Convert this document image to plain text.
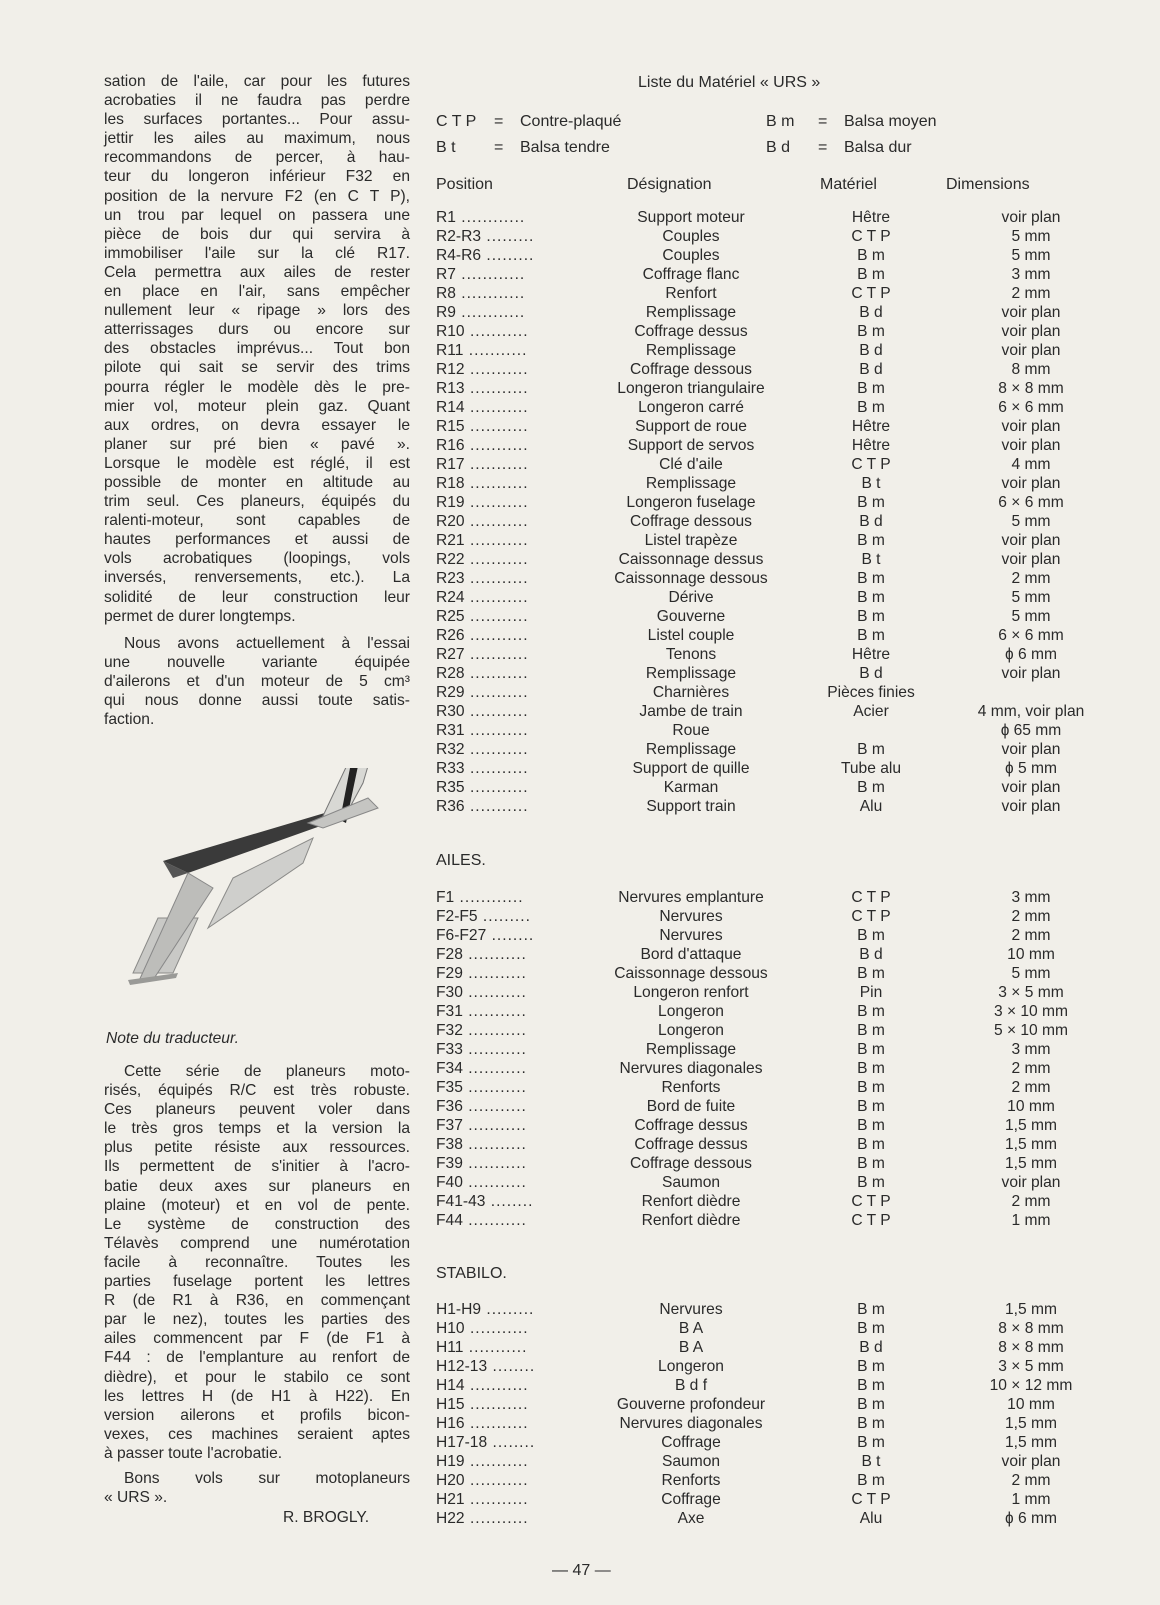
sation de l'aile, car pour les futures
acrobaties il ne faudra pas perdre
les surfaces portantes... Pour assu-
jettir les ailes au maximum, nous
recommandons de percer, à hau-
teur du longeron inférieur F32 en
position de la nervure F2 (en C T P),
un trou par lequel on passera une
pièce de bois dur qui servira à
immobiliser l'aile sur la clé R17.
Cela permettra aux ailes de rester
en place en l'air, sans empêcher
nullement leur « ripage » lors des
atterrissages durs ou encore sur
des obstacles imprévus... Tout bon
pilote qui sait se servir des trims
pourra régler le modèle dès le pre-
mier vol, moteur plein gaz. Quant
aux ordres, on devra essayer le
planer sur pré bien « pavé ».
Lorsque le modèle est réglé, il est
possible de monter en altitude au
trim seul. Ces planeurs, équipés du
ralenti-moteur, sont capables de
hautes performances et aussi de
vols acrobatiques (loopings, vols
inversés, renversements, etc.). La
solidité de leur construction leur
permet de durer longtemps.
Nous avons actuellement à l'essai
une nouvelle variante équipée
d'ailerons et d'un moteur de 5 cm³
qui nous donne aussi toute satis-
faction.
Note du traducteur.
Cette série de planeurs moto-
risés, équipés R/C est très robuste.
Ces planeurs peuvent voler dans
le très gros temps et la version la
plus petite résiste aux ressources.
Ils permettent de s'initier à l'acro-
batie deux axes sur planeurs en
plaine (moteur) et en vol de pente.
Le système de construction des
Télavès comprend une numérotation
facile à reconnaître. Toutes les
parties fuselage portent les lettres
R (de R1 à R36, en commençant
par le nez), toutes les parties des
ailes commencent par F (de F1 à
F44 : de l'emplanture au renfort de
dièdre), et pour le stabilo ce sont
les lettres H (de H1 à H22). En
version ailerons et profils bicon-
vexes, ces machines seraient aptes
à passer toute l'acrobatie.
Bons vols sur motoplaneurs
« URS ».
R. BROGLY.
Liste du Matériel « URS »
C T P = Contre-plaqué	B m = Balsa moyen
B t = Balsa tendre	B d = Balsa dur
Position	Désignation	Matériel	Dimensions
R1 ............	Support moteur	Hêtre	voir plan
R2-R3 .........	Couples	C T P	5 mm
R4-R6 .........	Couples	B m	5 mm
R7 ............	Coffrage flanc	B m	3 mm
R8 ............	Renfort	C T P	2 mm
R9 ............	Remplissage	B d	voir plan
R10 ...........	Coffrage dessus	B m	voir plan
R11 ...........	Remplissage	B d	voir plan
R12 ...........	Coffrage dessous	B d	8 mm
R13 ...........	Longeron triangulaire	B m	8 × 8 mm
R14 ...........	Longeron carré	B m	6 × 6 mm
R15 ...........	Support de roue	Hêtre	voir plan
R16 ...........	Support de servos	Hêtre	voir plan
R17 ...........	Clé d'aile	C T P	4 mm
R18 ...........	Remplissage	B t	voir plan
R19 ...........	Longeron fuselage	B m	6 × 6 mm
R20 ...........	Coffrage dessous	B d	5 mm
R21 ...........	Listel trapèze	B m	voir plan
R22 ...........	Caissonnage dessus	B t	voir plan
R23 ...........	Caissonnage dessous	B m	2 mm
R24 ...........	Dérive	B m	5 mm
R25 ...........	Gouverne	B m	5 mm
R26 ...........	Listel couple	B m	6 × 6 mm
R27 ...........	Tenons	Hêtre	ɸ 6 mm
R28 ...........	Remplissage	B d	voir plan
R29 ...........	Charnières	Pièces finies	
R30 ...........	Jambe de train	Acier	4 mm, voir plan
R31 ...........	Roue		ɸ 65 mm
R32 ...........	Remplissage	B m	voir plan
R33 ...........	Support de quille	Tube alu	ɸ 5 mm
R35 ...........	Karman	B m	voir plan
R36 ...........	Support train	Alu	voir plan
AILES.
F1 ............	Nervures emplanture	C T P	3 mm
F2-F5 .........	Nervures	C T P	2 mm
F6-F27 ........	Nervures	B m	2 mm
F28 ...........	Bord d'attaque	B d	10 mm
F29 ...........	Caissonnage dessous	B m	5 mm
F30 ...........	Longeron renfort	Pin	3 × 5 mm
F31 ...........	Longeron	B m	3 × 10 mm
F32 ...........	Longeron	B m	5 × 10 mm
F33 ...........	Remplissage	B m	3 mm
F34 ...........	Nervures diagonales	B m	2 mm
F35 ...........	Renforts	B m	2 mm
F36 ...........	Bord de fuite	B m	10 mm
F37 ...........	Coffrage dessus	B m	1,5 mm
F38 ...........	Coffrage dessus	B m	1,5 mm
F39 ...........	Coffrage dessous	B m	1,5 mm
F40 ...........	Saumon	B m	voir plan
F41-43 ........	Renfort dièdre	C T P	2 mm
F44 ...........	Renfort dièdre	C T P	1 mm
STABILO.
H1-H9 .........	Nervures	B m	1,5 mm
H10 ...........	B A	B m	8 × 8 mm
H11 ...........	B A	B d	8 × 8 mm
H12-13 ........	Longeron	B m	3 × 5 mm
H14 ...........	B d f	B m	10 × 12 mm
H15 ...........	Gouverne profondeur	B m	10 mm
H16 ...........	Nervures diagonales	B m	1,5 mm
H17-18 ........	Coffrage	B m	1,5 mm
H19 ...........	Saumon	B t	voir plan
H20 ...........	Renforts	B m	2 mm
H21 ...........	Coffrage	C T P	1 mm
H22 ...........	Axe	Alu	ɸ 6 mm
— 47 —
